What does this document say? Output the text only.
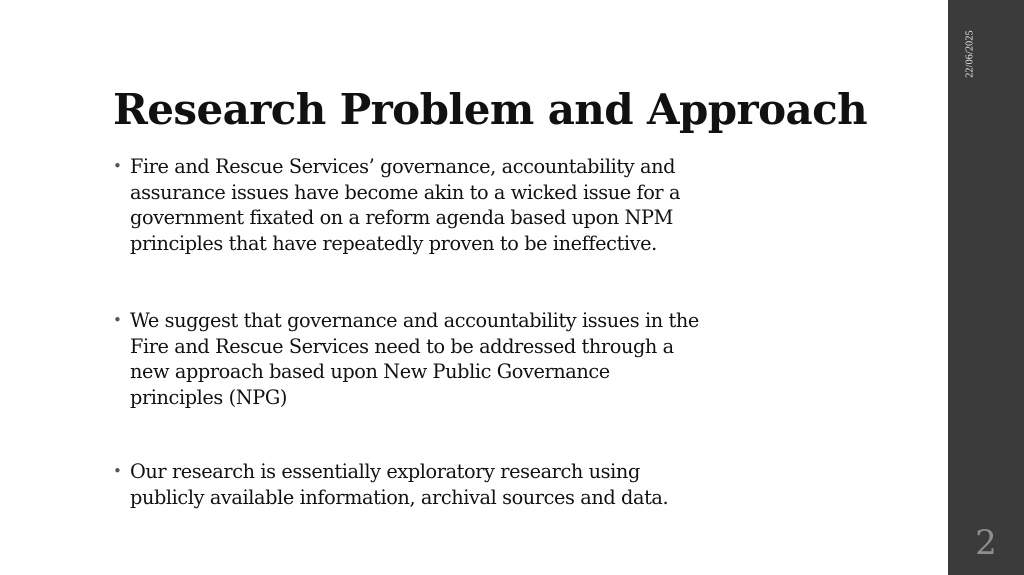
22/06/2025
2
Research Problem and Approach
• Fire and Rescue Services’ governance, accountability and
assurance issues have become akin to a wicked issue for a
government fixated on a reform agenda based upon NPM
principles that have repeatedly proven to be ineffective.
• We suggest that governance and accountability issues in the
Fire and Rescue Services need to be addressed through a
new approach based upon New Public Governance
principles (NPG)
• Our research is essentially exploratory research using
publicly available information, archival sources and data.
